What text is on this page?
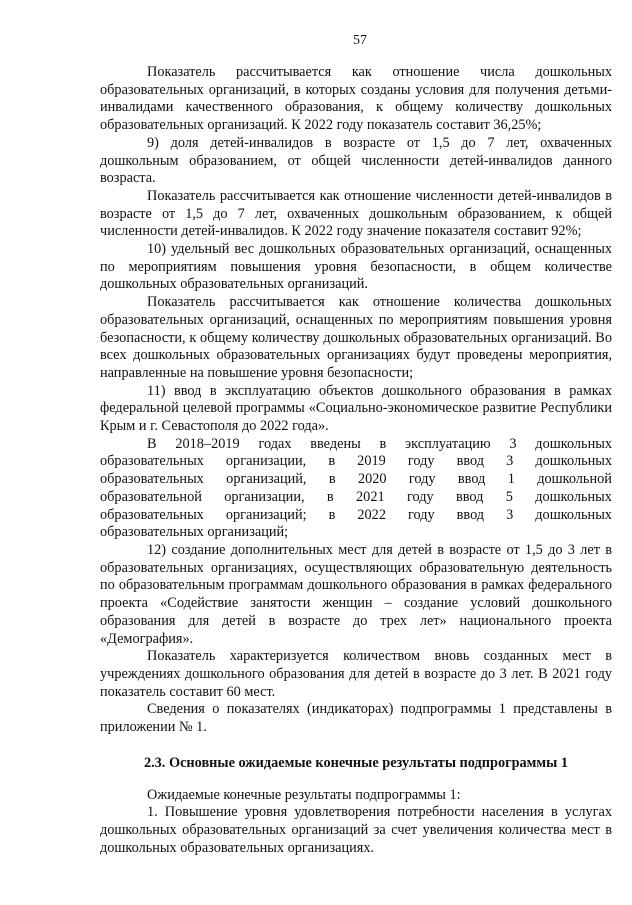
57

Показатель рассчитывается как отношение числа дошкольных образовательных организаций, в которых созданы условия для получения детьми-инвалидами качественного образования, к общему количеству дошкольных образовательных организаций. К 2022 году показатель составит 36,25%;

9) доля детей-инвалидов в возрасте от 1,5 до 7 лет, охваченных дошкольным образованием, от общей численности детей-инвалидов данного возраста.

Показатель рассчитывается как отношение численности детей-инвалидов в возрасте от 1,5 до 7 лет, охваченных дошкольным образованием, к общей численности детей-инвалидов. К 2022 году значение показателя составит 92%;

10) удельный вес дошкольных образовательных организаций, оснащенных по мероприятиям повышения уровня безопасности, в общем количестве дошкольных образовательных организаций.

Показатель рассчитывается как отношение количества дошкольных образовательных организаций, оснащенных по мероприятиям повышения уровня безопасности, к общему количеству дошкольных образовательных организаций. Во всех дошкольных образовательных организациях будут проведены мероприятия, направленные на повышение уровня безопасности;

11) ввод в эксплуатацию объектов дошкольного образования в рамках федеральной целевой программы «Социально-экономическое развитие Республики Крым и г. Севастополя до 2022 года».

В 2018–2019 годах введены в эксплуатацию 3 дошкольных
образовательных организации, в 2019 году ввод 3 дошкольных
образовательных организаций, в 2020 году ввод 1 дошкольной
образовательной организации, в 2021 году ввод 5 дошкольных
образовательных организаций; в 2022 году ввод 3 дошкольных
образовательных организаций;

12) создание дополнительных мест для детей в возрасте от 1,5 до 3 лет в образовательных организациях, осуществляющих образовательную деятельность по образовательным программам дошкольного образования в рамках федерального проекта «Содействие занятости женщин – создание условий дошкольного образования для детей в возрасте до трех лет» национального проекта «Демография».

Показатель характеризуется количеством вновь созданных мест в учреждениях дошкольного образования для детей в возрасте до 3 лет. В 2021 году показатель составит 60 мест.

Сведения о показателях (индикаторах) подпрограммы 1 представлены в приложении № 1.

2.3. Основные ожидаемые конечные результаты подпрограммы 1

Ожидаемые конечные результаты подпрограммы 1:

1. Повышение уровня удовлетворения потребности населения в услугах дошкольных образовательных организаций за счет увеличения количества мест в дошкольных образовательных организациях.
